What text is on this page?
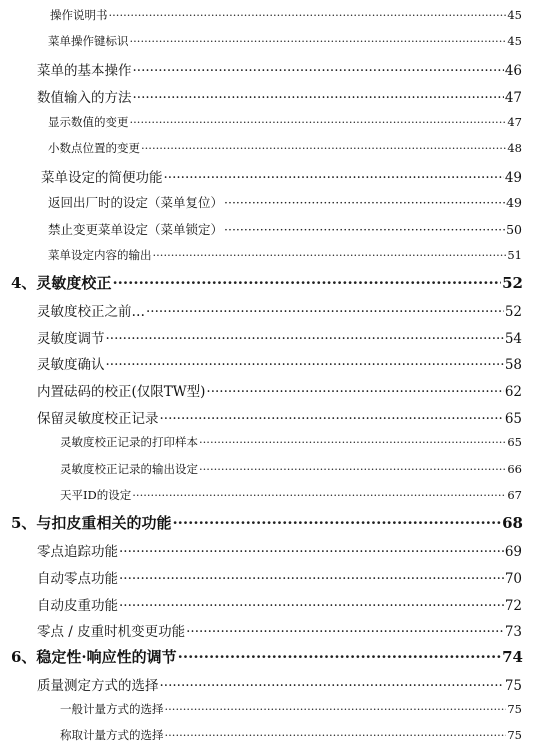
操作说明书 ·····	45
菜单操作键标识 ·····	45
菜单的基本操作 ·····	46
数值输入的方法 ·····	47
显示数值的变更 ·····	47
小数点位置的变更 ·····	48
菜单设定的简便功能 ·····	49
返回出厂时的设定（菜单复位） ·····	49
禁止变更菜单设定（菜单锁定） ·····	50
菜单设定内容的输出 ·····	51
4、灵敏度校正 ·····	52
灵敏度校正之前… ·····	52
灵敏度调节 ·····	54
灵敏度确认 ·····	58
内置砝码的校正(仅限TW型) ·····	62
保留灵敏度校正记录 ·····	65
灵敏度校正记录的打印样本 ·····	65
灵敏度校正记录的输出设定 ·····	66
天平ID的设定 ·····	67
5、与扣皮重相关的功能 ·····	68
零点追踪功能 ·····	69
自动零点功能 ·····	70
自动皮重功能 ·····	72
零点 / 皮重时机变更功能 ·····	73
6、稳定性·响应性的调节 ·····	74
质量测定方式的选择 ·····	75
一般计量方式的选择 ·····	75
称取计量方式的选择 ·····	75
